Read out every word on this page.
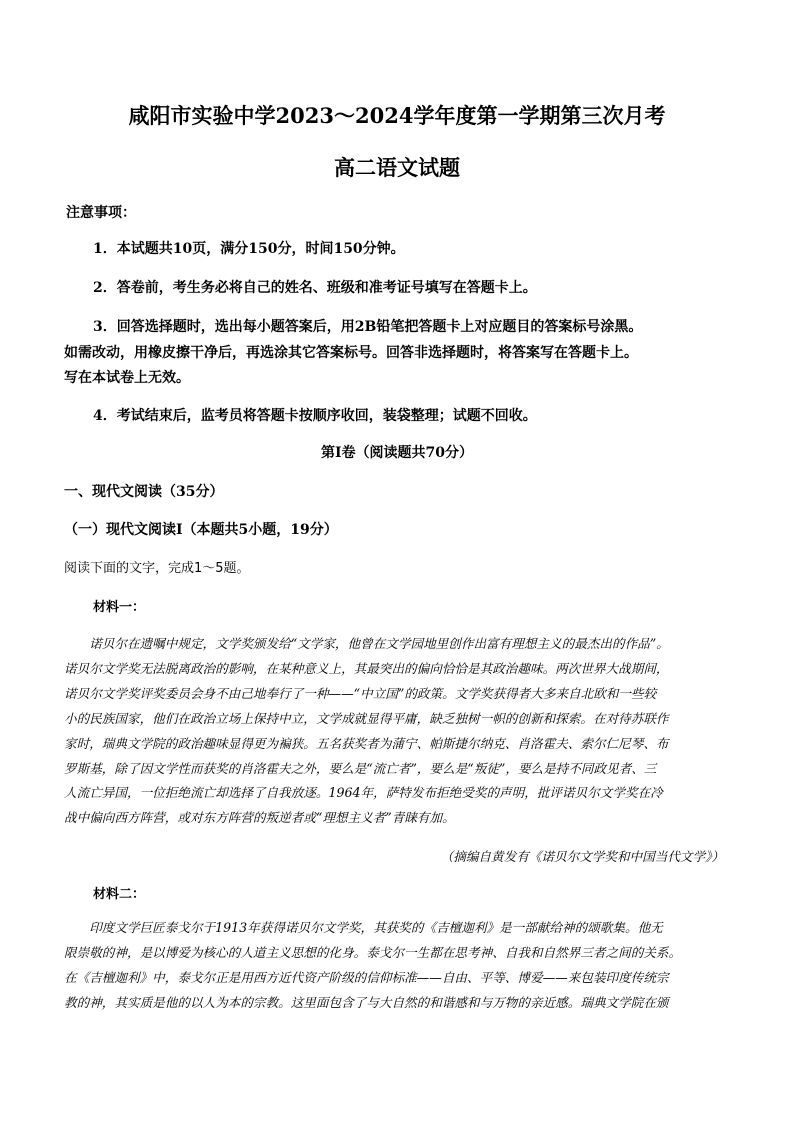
咸阳市实验中学2023～2024学年度第一学期第三次月考
高二语文试题
注意事项：
1．本试题共10页，满分150分，时间150分钟。
2．答卷前，考生务必将自己的姓名、班级和准考证号填写在答题卡上。
3．回答选择题时，选出每小题答案后，用2B铅笔把答题卡上对应题目的答案标号涂黑。
如需改动，用橡皮擦干净后，再选涂其它答案标号。回答非选择题时，将答案写在答题卡上。
写在本试卷上无效。
4．考试结束后，监考员将答题卡按顺序收回，装袋整理；试题不回收。
第Ⅰ卷（阅读题共70分）
一、现代文阅读（35分）
（一）现代文阅读Ⅰ（本题共5小题，19分）
阅读下面的文字，完成1～5题。
材料一：

　　诺贝尔在遗嘱中规定，文学奖颁发给“文学家，他曾在文学园地里创作出富有理想主义的最杰出的作品”。

诺贝尔文学奖无法脱离政治的影响，在某种意义上，其最突出的偏向恰恰是其政治趣味。两次世界大战期间，

诺贝尔文学奖评奖委员会身不由己地奉行了一种——“中立国”的政策。文学奖获得者大多来自北欧和一些较

小的民族国家，他们在政治立场上保持中立，文学成就显得平庸，缺乏独树一帜的创新和探索。在对待苏联作

家时，瑞典文学院的政治趣味显得更为褊狭。五名获奖者为蒲宁、帕斯捷尔纳克、肖洛霍夫、索尔仁尼琴、布

罗斯基，除了因文学性而获奖的肖洛霍夫之外，要么是“流亡者”，要么是“叛徒”，要么是持不同政见者、三

人流亡异国，一位拒绝流亡却选择了自我放逐。1964年，萨特发布拒绝受奖的声明，批评诺贝尔文学奖在冷

战中偏向西方阵营，或对东方阵营的叛逆者或“理想主义者”青睐有加。

（摘编自黄发有《诺贝尔文学奖和中国当代文学》）
材料二：

　　印度文学巨匠泰戈尔于1913年获得诺贝尔文学奖，其获奖的《吉檀迦利》是一部献给神的颂歌集。他无

限崇敬的神，是以博爱为核心的人道主义思想的化身。泰戈尔一生都在思考神、自我和自然界三者之间的关系。

在《吉檀迦利》中，泰戈尔正是用西方近代资产阶级的信仰标准——自由、平等、博爱——来包装印度传统宗

教的神，其实质是他的以人为本的宗教。这里面包含了与大自然的和谐感和与万物的亲近感。瑞典文学院在颁
